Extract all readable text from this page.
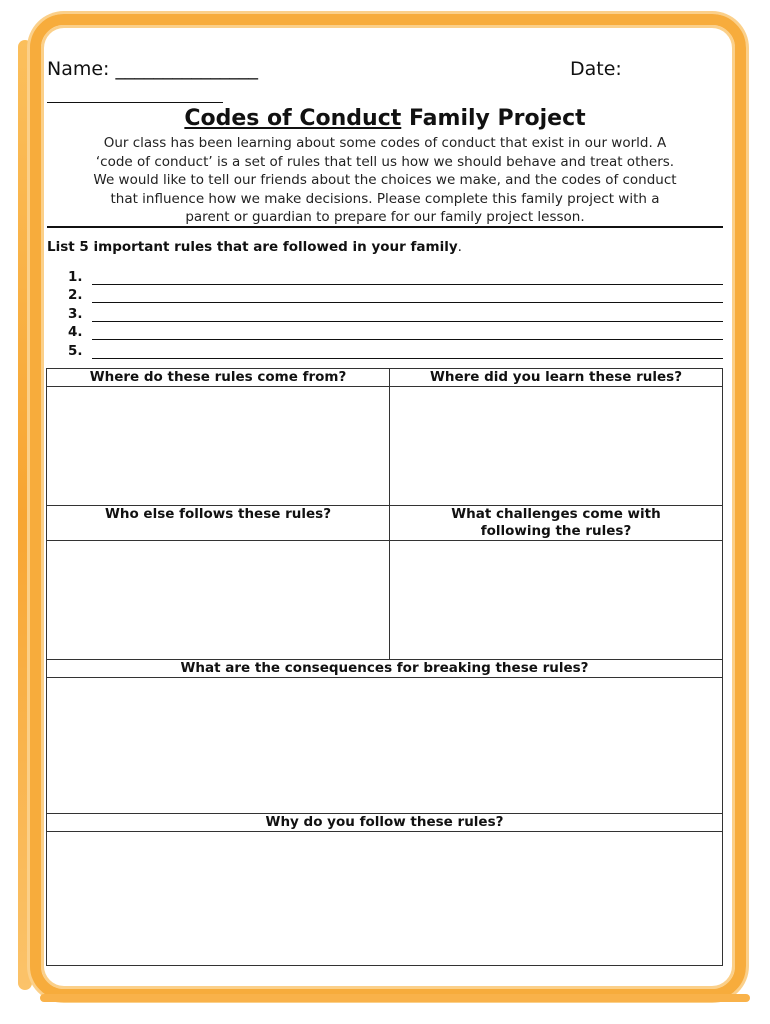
Name: _______________	Date:
Codes of Conduct Family Project
Our class has been learning about some codes of conduct that exist in our world. A
‘code of conduct’ is a set of rules that tell us how we should behave and treat others.
We would like to tell our friends about the choices we make, and the codes of conduct
that influence how we make decisions. Please complete this family project with a
parent or guardian to prepare for our family project lesson.
List 5 important rules that are followed in your family.
1.
2.
3.
4.
5.
Where do these rules come from?	Where did you learn these rules?
Who else follows these rules?	What challenges come with
following the rules?
What are the consequences for breaking these rules?
Why do you follow these rules?
